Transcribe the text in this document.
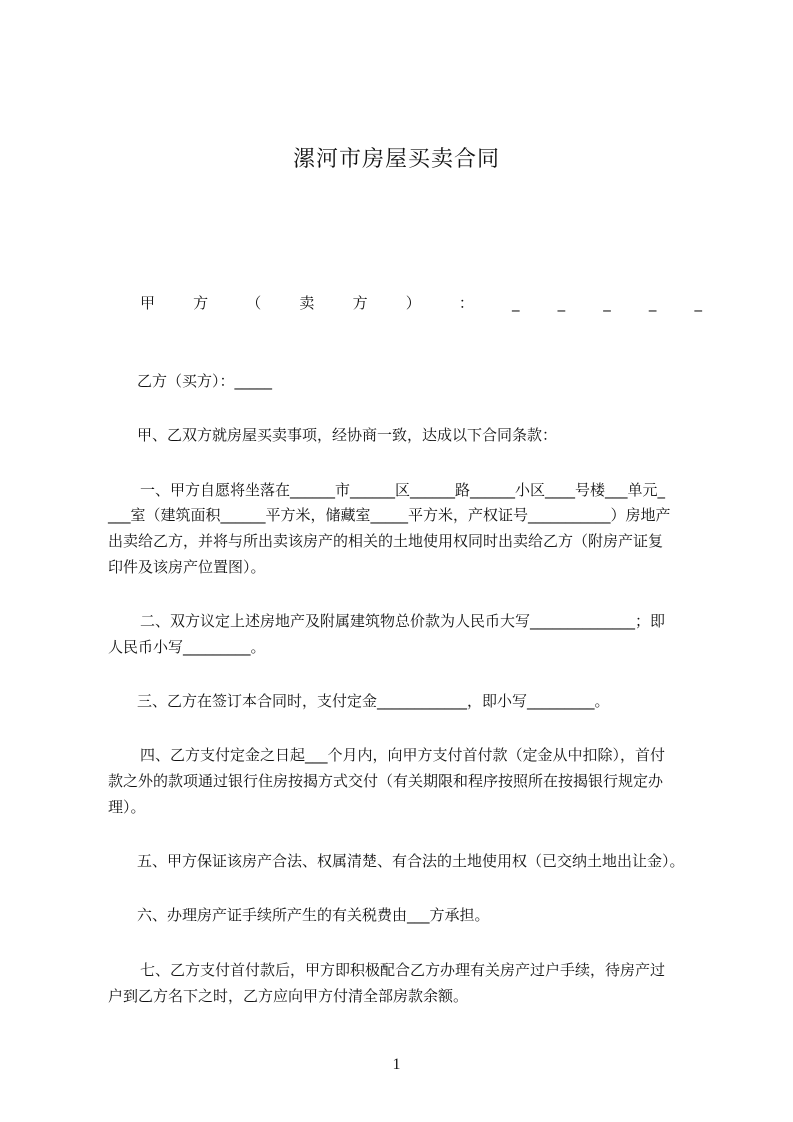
漯河市房屋买卖合同
甲	方	（	卖	方	）	：	_	_	_	_	_
乙方（买方）：_____
甲、乙双方就房屋买卖事项，经协商一致，达成以下合同条款：
一、甲方自愿将坐落在______市______区______路______小区____号楼___单元_
___室（建筑面积______平方米，储藏室_____平方米，产权证号___________）房地产
出卖给乙方，并将与所出卖该房产的相关的土地使用权同时出卖给乙方（附房产证复
印件及该房产位置图）。
二、双方议定上述房地产及附属建筑物总价款为人民币大写______________；即
人民币小写_________。
三、乙方在签订本合同时，支付定金____________，即小写_________。
四、乙方支付定金之日起___个月内，向甲方支付首付款（定金从中扣除），首付
款之外的款项通过银行住房按揭方式交付（有关期限和程序按照所在按揭银行规定办
理）。
五、甲方保证该房产合法、权属清楚、有合法的土地使用权（已交纳土地出让金）。
六、办理房产证手续所产生的有关税费由___方承担。
七、乙方支付首付款后，甲方即积极配合乙方办理有关房产过户手续，待房产过
户到乙方名下之时，乙方应向甲方付清全部房款余额。
1
